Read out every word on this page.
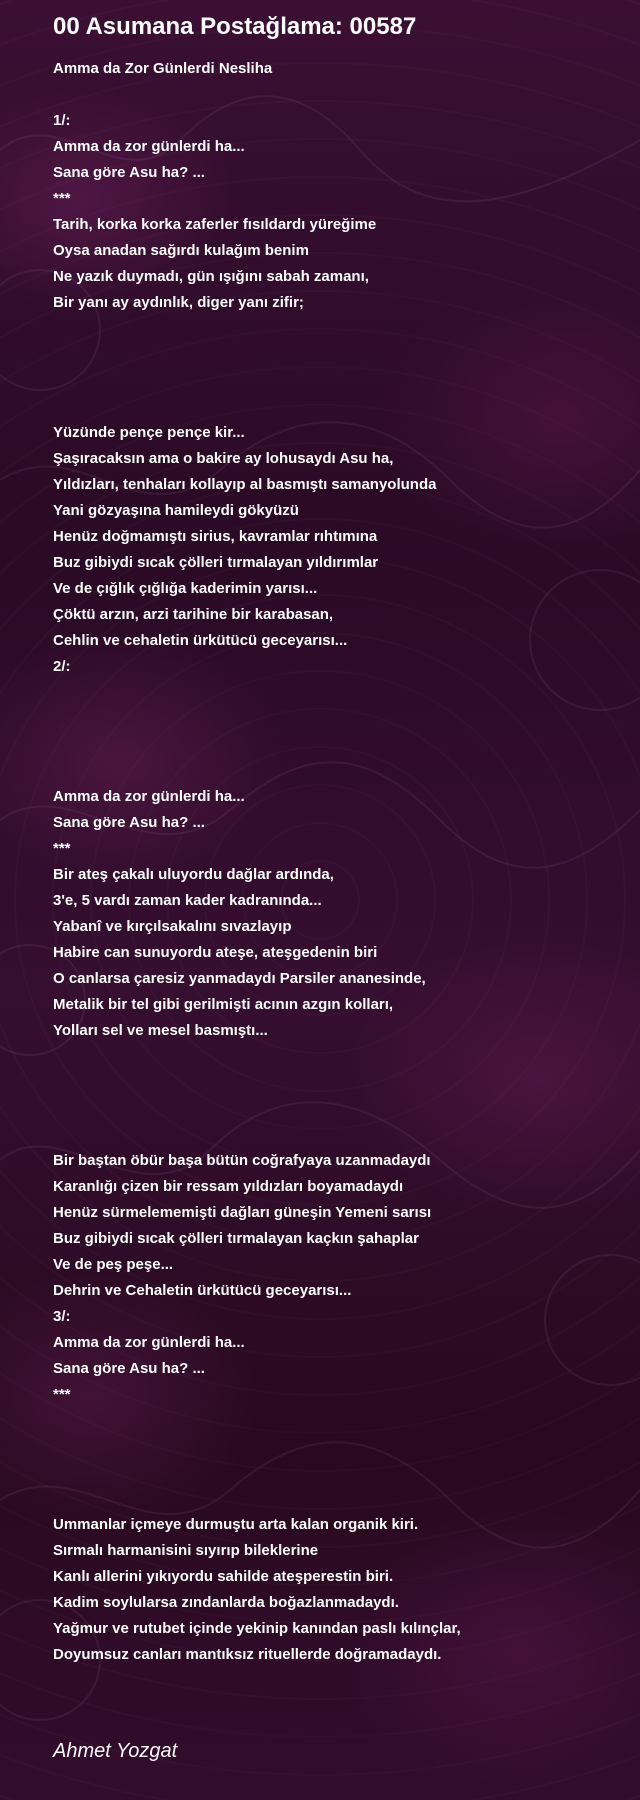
00 Asumana Postağlama: 00587
Amma da Zor Günlerdi Nesliha
1/:
Amma da zor günlerdi ha...
Sana göre Asu ha? ...
***
Tarih, korka korka zaferler fısıldardı yüreğime
Oysa anadan sağırdı kulağım benim
Ne yazık duymadı, gün ışığını sabah zamanı,
Bir yanı ay aydınlık, diger yanı zifir;
Yüzünde pençe pençe kir...
Şaşıracaksın ama o bakire ay lohusaydı Asu ha,
Yıldızları, tenhaları kollayıp al basmıştı samanyolunda
Yani gözyaşına hamileydi gökyüzü
Henüz doğmamıştı sirius, kavramlar rıhtımına
Buz gibiydi sıcak çölleri tırmalayan yıldırımlar
Ve de çığlık çığlığa kaderimin yarısı...
Çöktü arzın, arzi tarihine bir karabasan,
Cehlin ve cehaletin ürkütücü geceyarısı...
2/:
Amma da zor günlerdi ha...
Sana göre Asu ha? ...
***
Bir ateş çakalı uluyordu dağlar ardında,
3'e, 5 vardı zaman kader kadranında...
Yabanî ve kırçılsakalını sıvazlayıp
Habire can sunuyordu ateşe, ateşgedenin biri
O canlarsa çaresiz yanmadaydı Parsiler ananesinde,
Metalik bir tel gibi gerilmişti acının azgın kolları,
Yolları sel ve mesel basmıştı...
Bir baştan öbür başa bütün coğrafyaya uzanmadaydı
Karanlığı çizen bir ressam yıldızları boyamadaydı
Henüz sürmelememişti dağları güneşin Yemeni sarısı
Buz gibiydi sıcak çölleri tırmalayan kaçkın şahaplar
Ve de peş peşe...
Dehrin ve Cehaletin ürkütücü geceyarısı...
3/:
Amma da zor günlerdi ha...
Sana göre Asu ha? ...
***
Ummanlar içmeye durmuştu arta kalan organik kiri.
Sırmalı harmanisini sıyırıp bileklerine
Kanlı allerini yıkıyordu sahilde ateşperestin biri.
Kadim soylularsa zındanlarda boğazlanmadaydı.
Yağmur ve rutubet içinde yekinip kanından paslı kılınçlar,
Doyumsuz canları mantıksız rituellerde doğramadaydı.
Ahmet Yozgat
